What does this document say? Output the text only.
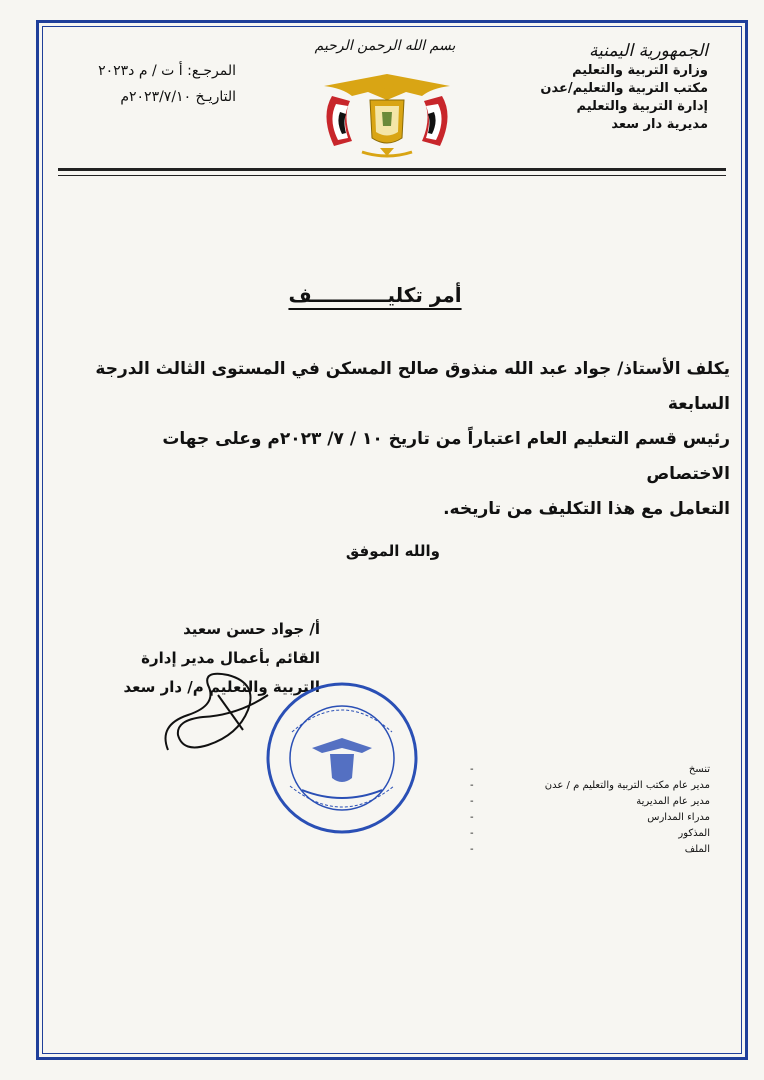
الجمهورية اليمنية
وزارة التربية والتعليم
مكتب التربية والتعليم/عدن
إدارة التربية والتعليم
مديرية دار سعد
المرجـع: أ ت / م د٢٠٢٣
التاريـخ ٢٠٢٣/٧/١٠م
بسم الله الرحمن الرحيم
أمر تكليـــــــــــف
يكلف الأستاذ/ جواد عبد الله منذوق صالح المسكن في المستوى الثالث الدرجة السابعة
رئيس قسم التعليم العام اعتباراً من تاريخ ١٠ / ٧/ ٢٠٢٣م وعلى جهات الاختصاص
التعامل مع هذا التكليف من تاريخه.
والله الموفق
أ/ جواد حسن سعيد
القائم بأعمال مدير إدارة
التربية والتعليم م/ دار سعد
تنسخ
-
مدير عام مكتب التربية والتعليم م / عدن
-
مدير عام المديرية
-
مدراء المدارس
-
المذكور
-
الملف
-
